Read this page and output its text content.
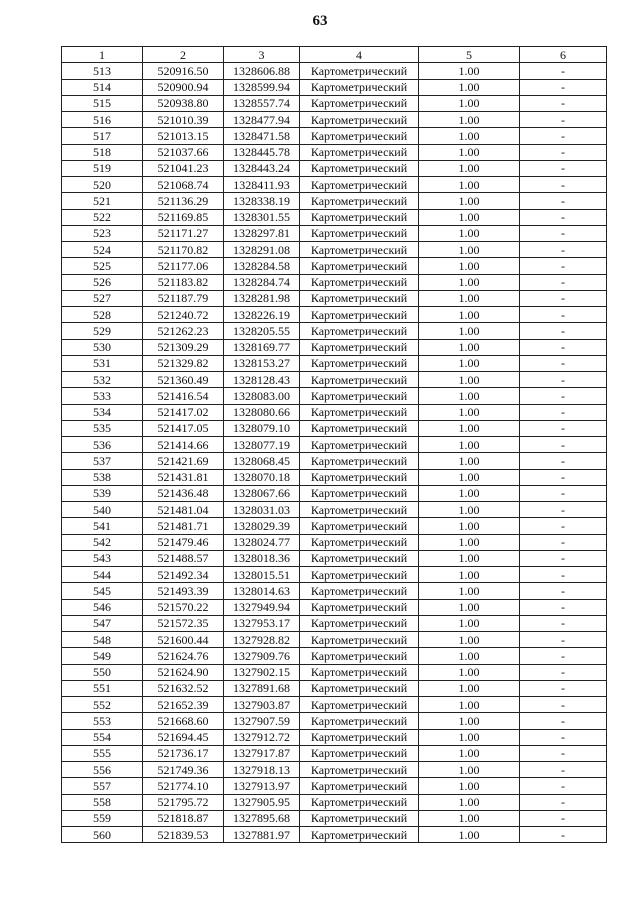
63
1	2	3	4	5	6
513	520916.50	1328606.88	Картометрический	1.00	-
514	520900.94	1328599.94	Картометрический	1.00	-
515	520938.80	1328557.74	Картометрический	1.00	-
516	521010.39	1328477.94	Картометрический	1.00	-
517	521013.15	1328471.58	Картометрический	1.00	-
518	521037.66	1328445.78	Картометрический	1.00	-
519	521041.23	1328443.24	Картометрический	1.00	-
520	521068.74	1328411.93	Картометрический	1.00	-
521	521136.29	1328338.19	Картометрический	1.00	-
522	521169.85	1328301.55	Картометрический	1.00	-
523	521171.27	1328297.81	Картометрический	1.00	-
524	521170.82	1328291.08	Картометрический	1.00	-
525	521177.06	1328284.58	Картометрический	1.00	-
526	521183.82	1328284.74	Картометрический	1.00	-
527	521187.79	1328281.98	Картометрический	1.00	-
528	521240.72	1328226.19	Картометрический	1.00	-
529	521262.23	1328205.55	Картометрический	1.00	-
530	521309.29	1328169.77	Картометрический	1.00	-
531	521329.82	1328153.27	Картометрический	1.00	-
532	521360.49	1328128.43	Картометрический	1.00	-
533	521416.54	1328083.00	Картометрический	1.00	-
534	521417.02	1328080.66	Картометрический	1.00	-
535	521417.05	1328079.10	Картометрический	1.00	-
536	521414.66	1328077.19	Картометрический	1.00	-
537	521421.69	1328068.45	Картометрический	1.00	-
538	521431.81	1328070.18	Картометрический	1.00	-
539	521436.48	1328067.66	Картометрический	1.00	-
540	521481.04	1328031.03	Картометрический	1.00	-
541	521481.71	1328029.39	Картометрический	1.00	-
542	521479.46	1328024.77	Картометрический	1.00	-
543	521488.57	1328018.36	Картометрический	1.00	-
544	521492.34	1328015.51	Картометрический	1.00	-
545	521493.39	1328014.63	Картометрический	1.00	-
546	521570.22	1327949.94	Картометрический	1.00	-
547	521572.35	1327953.17	Картометрический	1.00	-
548	521600.44	1327928.82	Картометрический	1.00	-
549	521624.76	1327909.76	Картометрический	1.00	-
550	521624.90	1327902.15	Картометрический	1.00	-
551	521632.52	1327891.68	Картометрический	1.00	-
552	521652.39	1327903.87	Картометрический	1.00	-
553	521668.60	1327907.59	Картометрический	1.00	-
554	521694.45	1327912.72	Картометрический	1.00	-
555	521736.17	1327917.87	Картометрический	1.00	-
556	521749.36	1327918.13	Картометрический	1.00	-
557	521774.10	1327913.97	Картометрический	1.00	-
558	521795.72	1327905.95	Картометрический	1.00	-
559	521818.87	1327895.68	Картометрический	1.00	-
560	521839.53	1327881.97	Картометрический	1.00	-
